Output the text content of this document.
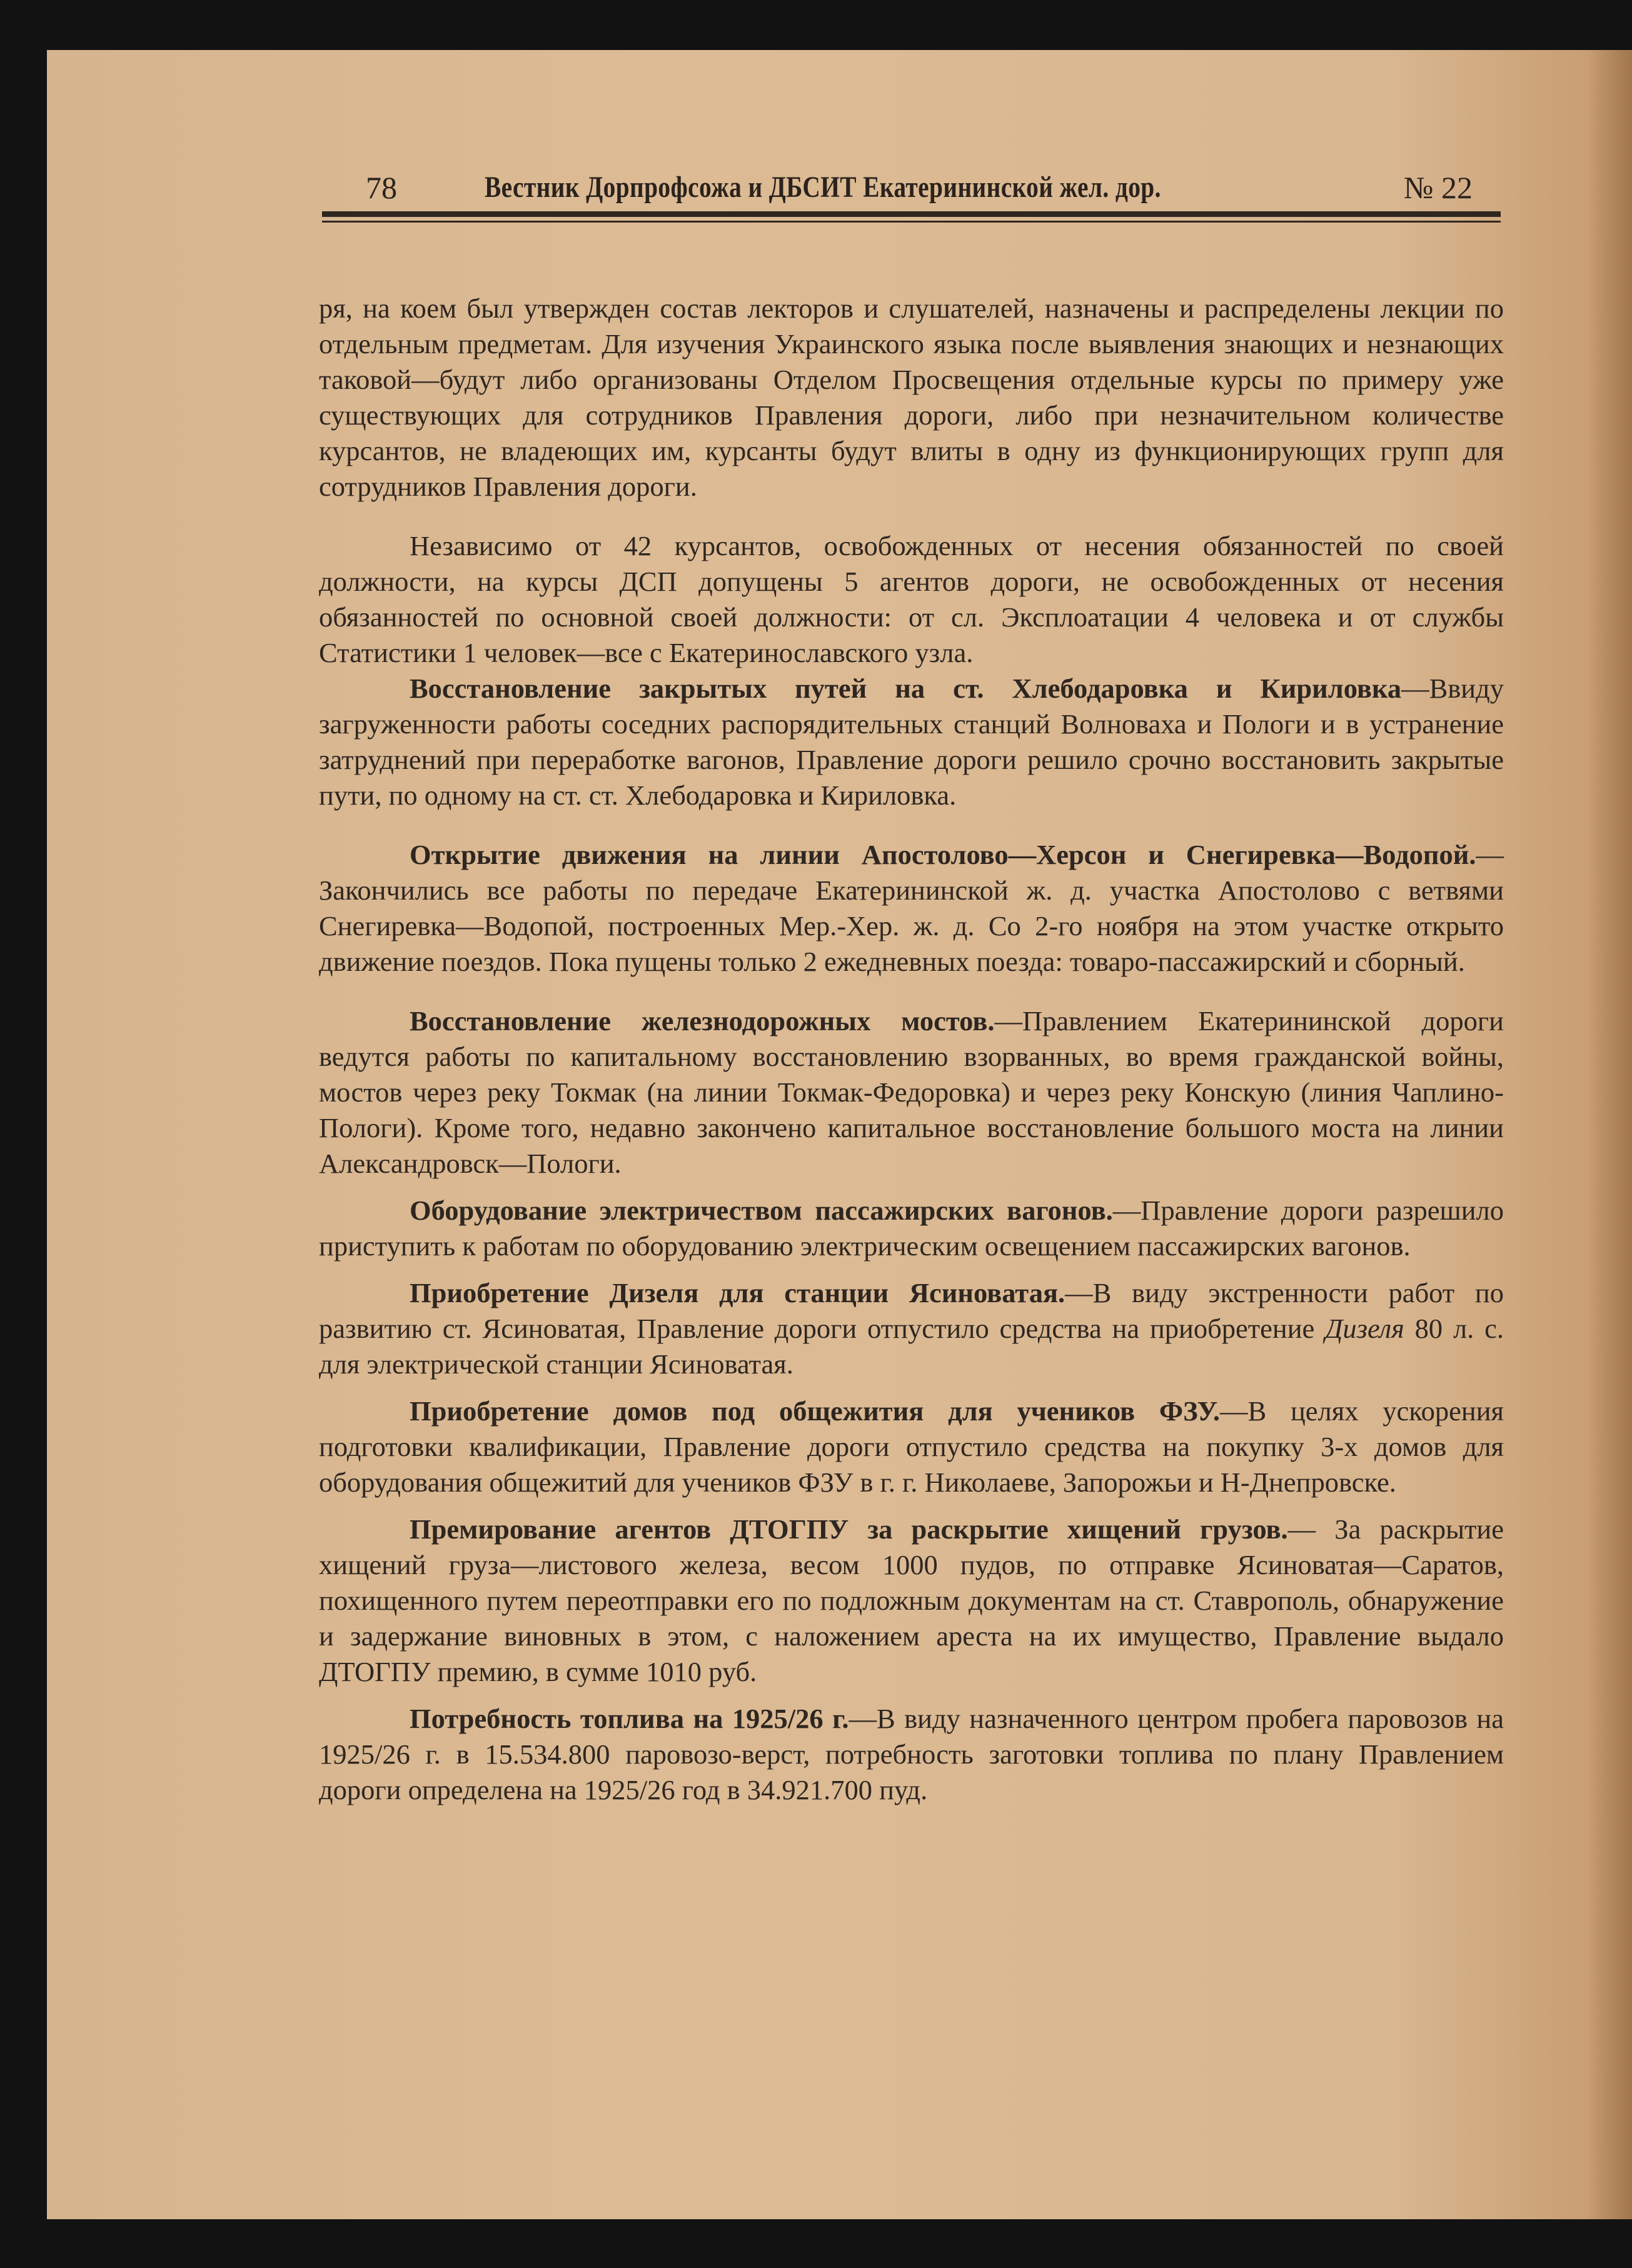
78	Вестник Дорпрофсожа и ДБСИТ Екатерининской жел. дор.	№ 22

ря, на коем был утвержден состав лекторов и слушателей, назначены и распределены лекции по отдельным предметам. Для изучения Украинского языка после выявления знающих и незнающих таковой—будут либо организованы Отделом Просвещения отдельные курсы по примеру уже существующих для сотрудников Правления дороги, либо при незначительном количестве курсантов, не владеющих им, курсанты будут влиты в одну из функционирующих групп для сотрудников Правления дороги.

Независимо от 42 курсантов, освобожденных от несения обязанностей по своей должности, на курсы ДСП допущены 5 агентов дороги, не освобожденных от несения обязанностей по основной своей должности: от сл. Эксплоатации 4 человека и от службы Статистики 1 человек—все с Екатеринославского узла.

Восстановление закрытых путей на ст. Хлебодаровка и Кириловка—Ввиду загруженности работы соседних распорядительных станций Волноваха и Пологи и в устранение затруднений при переработке вагонов, Правление дороги решило срочно восстановить закрытые пути, по одному на ст. ст. Хлебодаровка и Кириловка.

Открытие движения на линии Апостолово—Херсон и Снегиревка—Водопой.—Закончились все работы по передаче Екатерининской ж. д. участка Апостолово с ветвями Снегиревка—Водопой, построенных Мер.-Хер. ж. д. Со 2-го ноября на этом участке открыто движение поездов. Пока пущены только 2 ежедневных поезда: товаро-пассажирский и сборный.

Восстановление железнодорожных мостов.—Правлением Екатерининской дороги ведутся работы по капитальному восстановлению взорванных, во время гражданской войны, мостов через реку Токмак (на линии Токмак-Федоровка) и через реку Конскую (линия Чаплино-Пологи). Кроме того, недавно закончено капитальное восстановление большого моста на линии Александровск—Пологи.

Оборудование электричеством пассажирских вагонов.—Правление дороги разрешило приступить к работам по оборудованию электрическим освещением пассажирских вагонов.

Приобретение Дизеля для станции Ясиноватая.—В виду экстренности работ по развитию ст. Ясиноватая, Правление дороги отпустило средства на приобретение Дизеля 80 л. с. для электрической станции Ясиноватая.

Приобретение домов под общежития для учеников ФЗУ.—В целях ускорения подготовки квалификации, Правление дороги отпустило средства на покупку 3-х домов для оборудования общежитий для учеников ФЗУ в г. г. Николаеве, Запорожьи и Н-Днепровске.

Премирование агентов ДТОГПУ за раскрытие хищений грузов.— За раскрытие хищений груза—листового железа, весом 1000 пудов, по отправке Ясиноватая—Саратов, похищенного путем переотправки его по подложным документам на ст. Ставрополь, обнаружение и задержание виновных в этом, с наложением ареста на их имущество, Правление выдало ДТОГПУ премию, в сумме 1010 руб.

Потребность топлива на 1925/26 г.—В виду назначенного центром пробега паровозов на 1925/26 г. в 15.534.800 паровозо-верст, потребность заготовки топлива по плану Правлением дороги определена на 1925/26 год в 34.921.700 пуд.
